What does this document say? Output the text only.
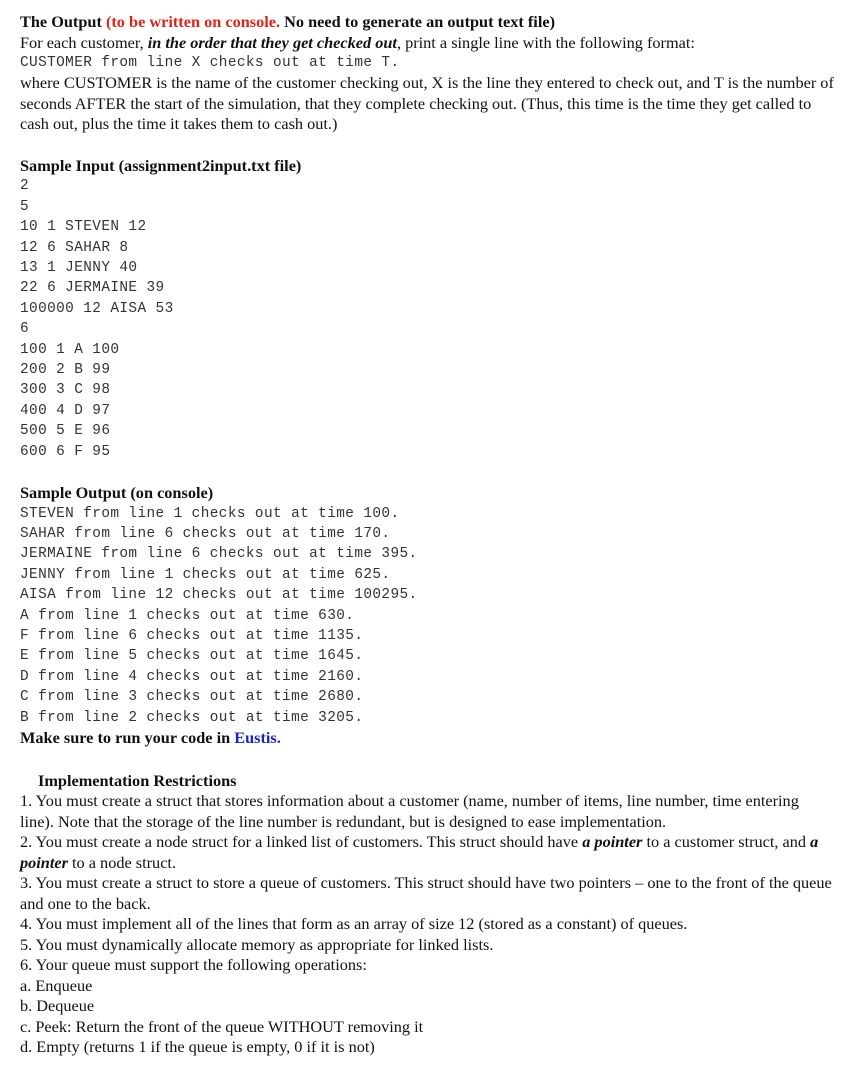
The Output (to be written on console. No need to generate an output text file)

For each customer, in the order that they get checked out, print a single line with the following format:

CUSTOMER from line X checks out at time T.

where CUSTOMER is the name of the customer checking out, X is the line they entered to check out, and T is the number of seconds AFTER the start of the simulation, that they complete checking out. (Thus, this time is the time they get called to cash out, plus the time it takes them to cash out.)

Sample Input (assignment2input.txt file)

2
5
10 1 STEVEN 12
12 6 SAHAR 8
13 1 JENNY 40
22 6 JERMAINE 39
100000 12 AISA 53
6
100 1 A 100
200 2 B 99
300 3 C 98
400 4 D 97
500 5 E 96
600 6 F 95

Sample Output (on console)

STEVEN from line 1 checks out at time 100.
SAHAR from line 6 checks out at time 170.
JERMAINE from line 6 checks out at time 395.
JENNY from line 1 checks out at time 625.
AISA from line 12 checks out at time 100295.
A from line 1 checks out at time 630.
F from line 6 checks out at time 1135.
E from line 5 checks out at time 1645.
D from line 4 checks out at time 2160.
C from line 3 checks out at time 2680.
B from line 2 checks out at time 3205.

Make sure to run your code in Eustis.

Implementation Restrictions

1. You must create a struct that stores information about a customer (name, number of items, line number, time entering line). Note that the storage of the line number is redundant, but is designed to ease implementation.

2. You must create a node struct for a linked list of customers. This struct should have a pointer to a customer struct, and a pointer to a node struct.

3. You must create a struct to store a queue of customers. This struct should have two pointers – one to the front of the queue and one to the back.

4. You must implement all of the lines that form as an array of size 12 (stored as a constant) of queues.

5. You must dynamically allocate memory as appropriate for linked lists.

6. Your queue must support the following operations:

a. Enqueue

b. Dequeue

c. Peek: Return the front of the queue WITHOUT removing it

d. Empty (returns 1 if the queue is empty, 0 if it is not)
